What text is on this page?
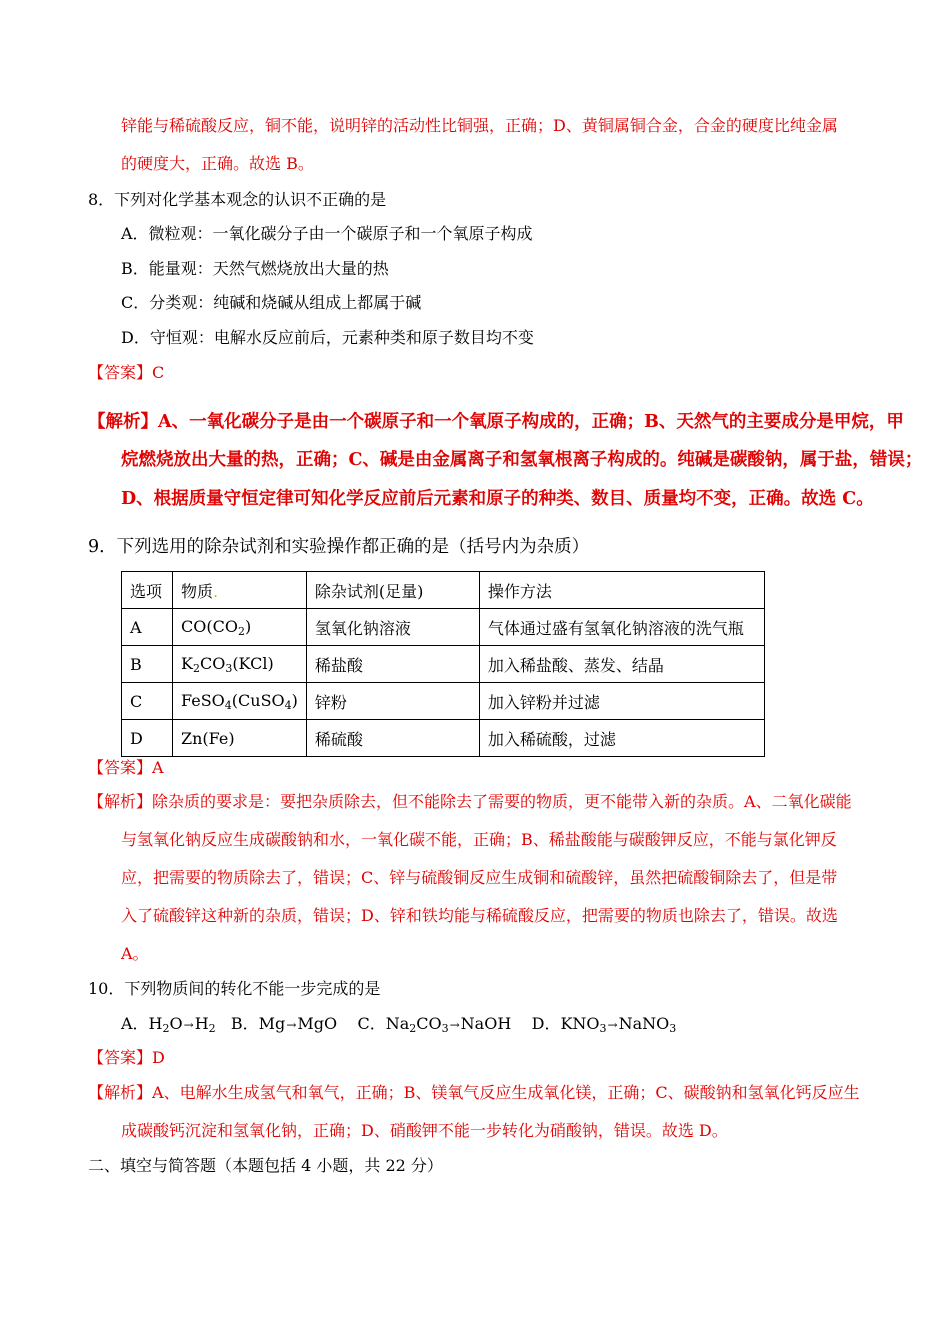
锌能与稀硫酸反应，铜不能，说明锌的活动性比铜强，正确；D、黄铜属铜合金，合金的硬度比纯金属
的硬度大，正确。故选 B。
8．下列对化学基本观念的认识不正确的是
A．微粒观：一氧化碳分子由一个碳原子和一个氧原子构成
B．能量观：天然气燃烧放出大量的热
C．分类观：纯碱和烧碱从组成上都属于碱
D．守恒观：电解水反应前后，元素种类和原子数目均不变
【答案】C
【解析】A、一氧化碳分子是由一个碳原子和一个氧原子构成的，正确；B、天然气的主要成分是甲烷，甲
烷燃烧放出大量的热，正确；C、碱是由金属离子和氢氧根离子构成的。纯碱是碳酸钠，属于盐，错误；
D、根据质量守恒定律可知化学反应前后元素和原子的种类、数目、质量均不变，正确。故选 C。
9．下列选用的除杂试剂和实验操作都正确的是（括号内为杂质）
选项	物质.	除杂试剂(足量)	操作方法
A	$CO(CO_2)$	氢氧化钠溶液	气体通过盛有氢氧化钠溶液的洗气瓶
B	$K_2CO_3(KCl)$	稀盐酸	加入稀盐酸、蒸发、结晶
C	FeSO$_4$(CuSO$_4$)	锌粉	加入锌粉并过滤
D	Zn(Fe)	稀硫酸	加入稀硫酸，过滤
【答案】A
【解析】除杂质的要求是：要把杂质除去，但不能除去了需要的物质，更不能带入新的杂质。A、二氧化碳能
与氢氧化钠反应生成碳酸钠和水，一氧化碳不能，正确；B、稀盐酸能与碳酸钾反应，不能与氯化钾反
应，把需要的物质除去了，错误；C、锌与硫酸铜反应生成铜和硫酸锌，虽然把硫酸铜除去了，但是带
入了硫酸锌这种新的杂质，错误；D、锌和铁均能与稀硫酸反应，把需要的物质也除去了，错误。故选
A。
10．下列物质间的转化不能一步完成的是
A．$H_2O\to H_2$   B．Mg→MgO    C．$Na_2CO_3\to NaOH$    D．$KNO_3\to NaNO_3$
【答案】D
【解析】A、电解水生成氢气和氧气，正确；B、镁氧气反应生成氧化镁，正确；C、碳酸钠和氢氧化钙反应生
成碳酸钙沉淀和氢氧化钠，正确；D、硝酸钾不能一步转化为硝酸钠，错误。故选 D。
二、填空与简答题（本题包括 4 小题，共 22 分）
